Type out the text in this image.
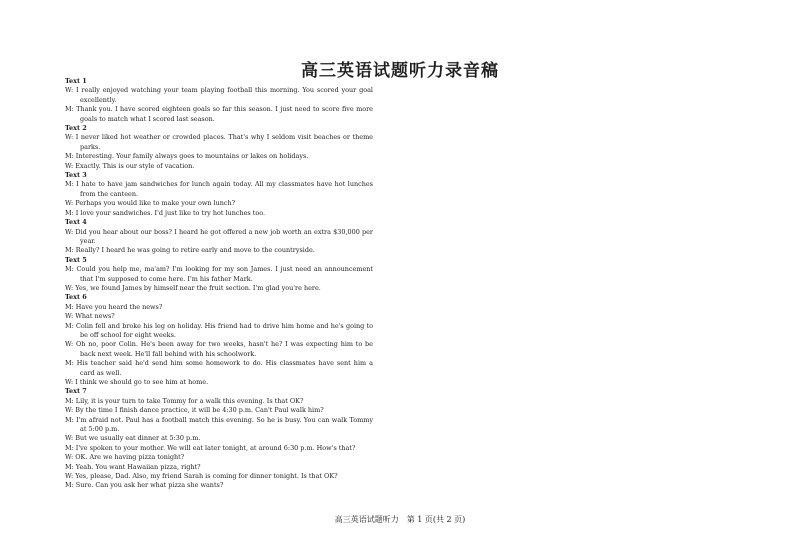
高三英语试题听力录音稿
Text 1
W: I really enjoyed watching your team playing football this morning. You scored your goal excellently.
M: Thank you. I have scored eighteen goals so far this season. I just need to score five more goals to match what I scored last season.
Text 2
W: I never liked hot weather or crowded places. That's why I seldom visit beaches or theme parks.
M: Interesting. Your family always goes to mountains or lakes on holidays.
W: Exactly. This is our style of vacation.
Text 3
M: I hate to have jam sandwiches for lunch again today. All my classmates have hot lunches from the canteen.
W: Perhaps you would like to make your own lunch?
M: I love your sandwiches. I'd just like to try hot lunches too.
Text 4
W: Did you hear about our boss? I heard he got offered a new job worth an extra $30,000 per year.
M: Really? I heard he was going to retire early and move to the countryside.
Text 5
M: Could you help me, ma'am? I'm looking for my son James. I just need an announcement that I'm supposed to come here. I'm his father Mark.
W: Yes, we found James by himself near the fruit section. I'm glad you're here.
Text 6
M: Have you heard the news?
W: What news?
M: Colin fell and broke his leg on holiday. His friend had to drive him home and he's going to be off school for eight weeks.
W: Oh no, poor Colin. He's been away for two weeks, hasn't he? I was expecting him to be back next week. He'll fall behind with his schoolwork.
M: His teacher said he'd send him some homework to do. His classmates have sent him a card as well.
W: I think we should go to see him at home.
Text 7
M: Lily, it is your turn to take Tommy for a walk this evening. Is that OK?
W: By the time I finish dance practice, it will be 4:30 p.m. Can't Paul walk him?
M: I'm afraid not. Paul has a football match this evening. So he is busy. You can walk Tommy at 5:00 p.m.
W: But we usually eat dinner at 5:30 p.m.
M: I've spoken to your mother. We will eat later tonight, at around 6:30 p.m. How's that?
W: OK. Are we having pizza tonight?
M: Yeah. You want Hawaiian pizza, right?
W: Yes, please, Dad. Also, my friend Sarah is coming for dinner tonight. Is that OK?
M: Sure. Can you ask her what pizza she wants?
高三英语试题听力　第 1 页(共 2 页)
